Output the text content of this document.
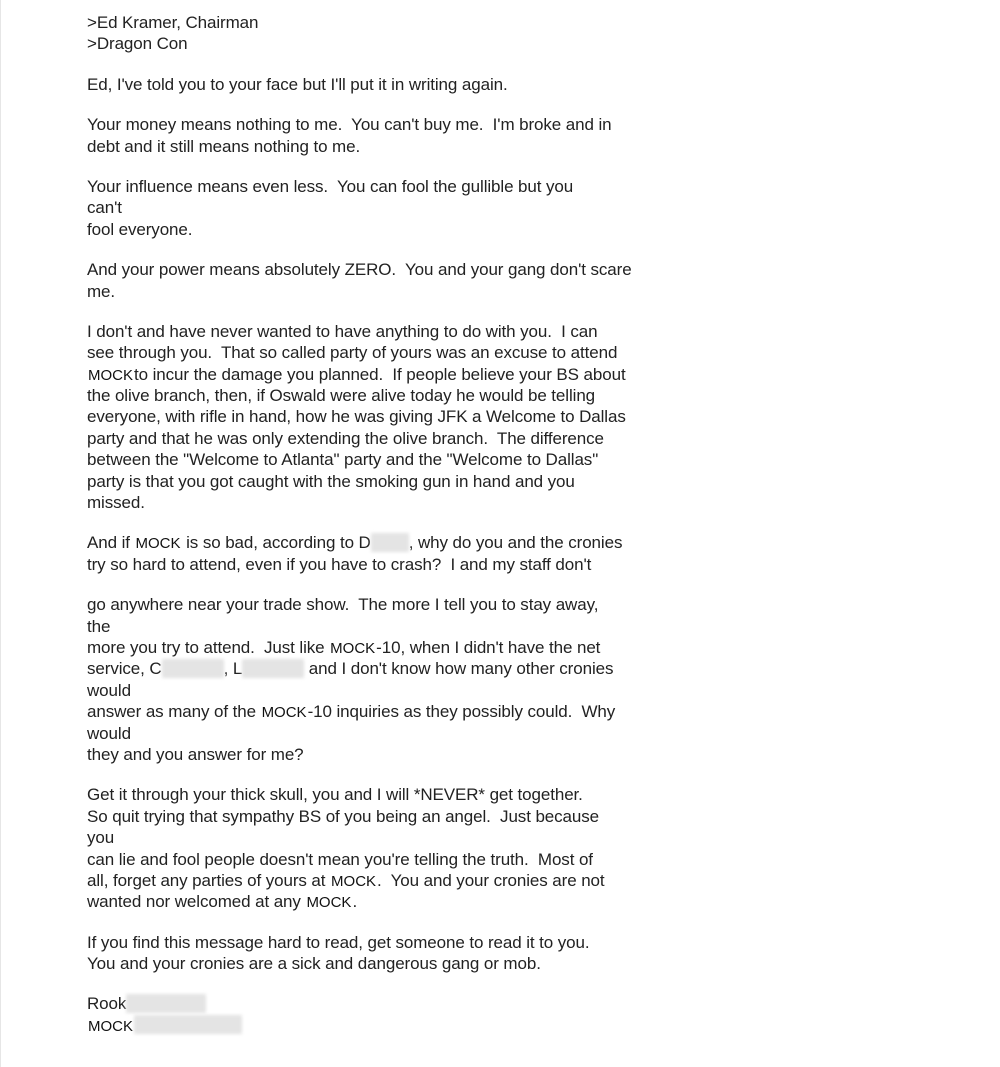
>Ed Kramer, Chairman
>Dragon Con
Ed, I've told you to your face but I'll put it in writing again.
Your money means nothing to me.  You can't buy me.  I'm broke and in
debt and it still means nothing to me.
Your influence means even less.  You can fool the gullible but you
can't
fool everyone.
And your power means absolutely ZERO.  You and your gang don't scare
me.
I don't and have never wanted to have anything to do with you.  I can
see through you.  That so called party of yours was an excuse to attend
MOCKto incur the damage you planned.  If people believe your BS about
the olive branch, then, if Oswald were alive today he would be telling
everyone, with rifle in hand, how he was giving JFK a Welcome to Dallas
party and that he was only extending the olive branch.  The difference
between the "Welcome to Atlanta" party and the "Welcome to Dallas"
party is that you got caught with the smoking gun in hand and you
missed.
And if MOCK is so bad, according to D , why do you and the cronies
try so hard to attend, even if you have to crash?  I and my staff don't
go anywhere near your trade show.  The more I tell you to stay away,
the
more you try to attend.  Just like MOCK-10, when I didn't have the net
service, C	, L	and I don't know how many other cronies
would
answer as many of the MOCK-10 inquiries as they possibly could.  Why
would
they and you answer for me?
Get it through your thick skull, you and I will *NEVER* get together.
So quit trying that sympathy BS of you being an angel.  Just because
you
can lie and fool people doesn't mean you're telling the truth.  Most of
all, forget any parties of yours at MOCK.  You and your cronies are not
wanted nor welcomed at any MOCK.
If you find this message hard to read, get someone to read it to you.
You and your cronies are a sick and dangerous gang or mob.
Rook
MOCK
